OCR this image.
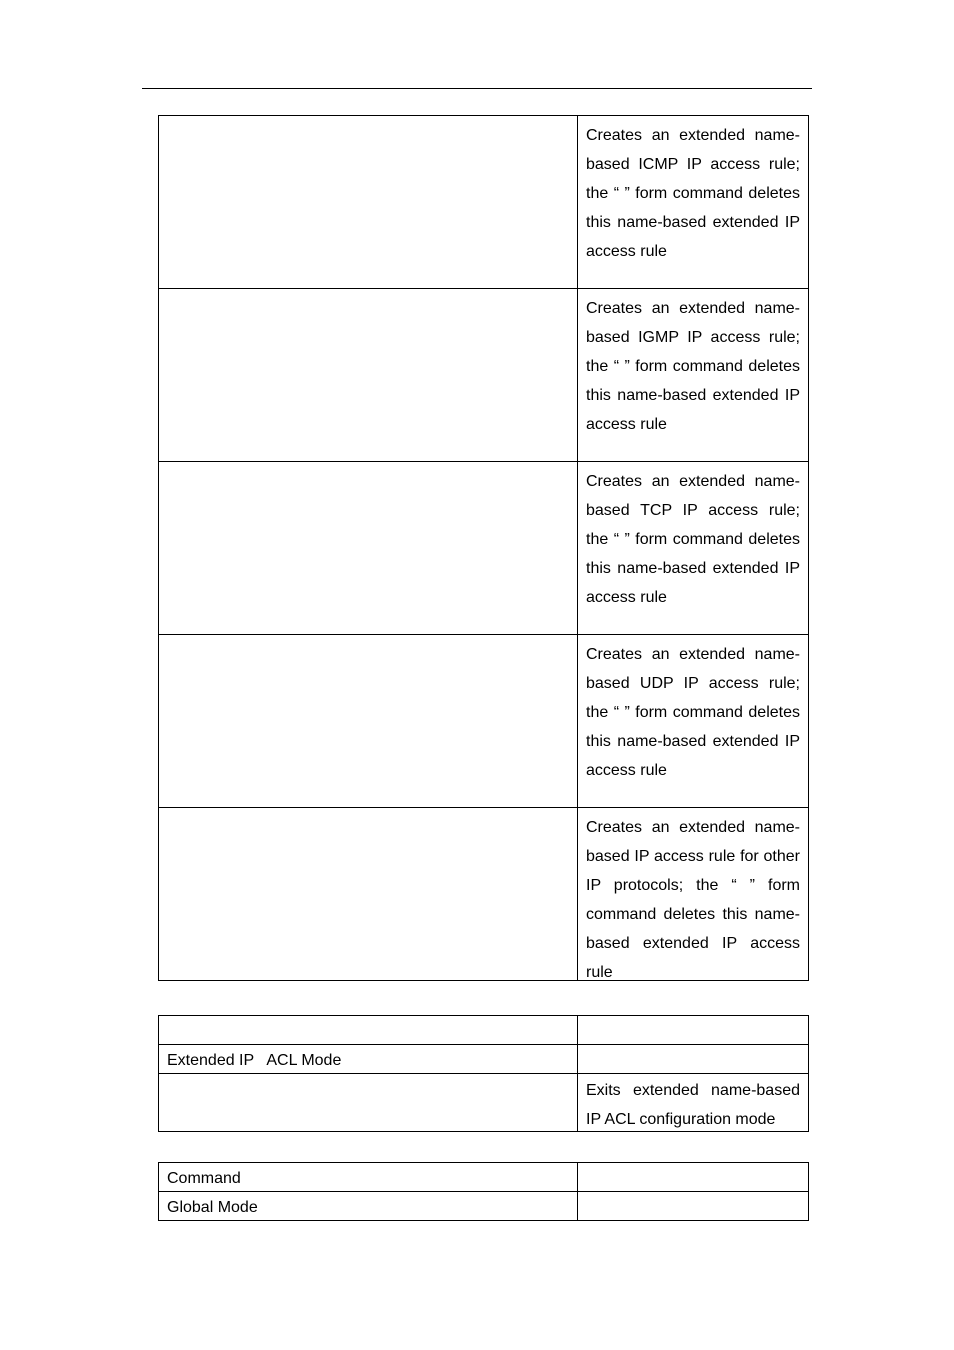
	Creates an extended name-based ICMP IP access rule; the “ ” form command deletes this name-based extended IP access rule

	Creates an extended name-based IGMP IP access rule; the “ ” form command deletes this name-based extended IP access rule

	Creates an extended name-based TCP IP access rule; the “ ” form command deletes this name-based extended IP access rule

	Creates an extended name-based UDP IP access rule; the “ ” form command deletes this name-based extended IP access rule

	Creates an extended name-based IP access rule for other IP protocols; the “ ” form command deletes this name-based extended IP access rule

Extended IP   ACL Mode	

	Exits extended name-based IP ACL configuration mode
Command	

Global Mode	
